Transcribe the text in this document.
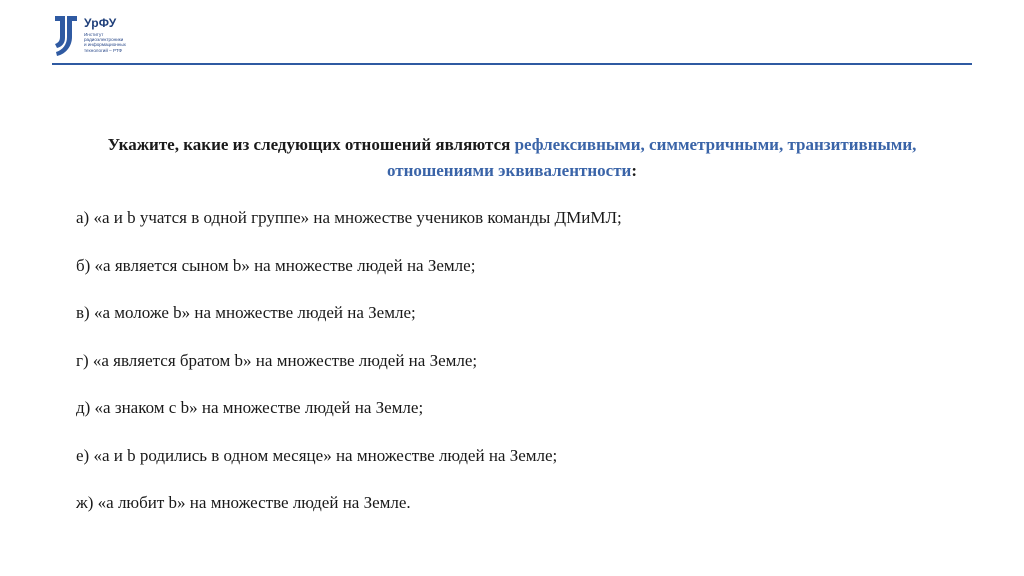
УрФУ
Институт
радиоэлектроники
и информационных
технологий – РТФ
Укажите, какие из следующих отношений являются рефлексивными, симметричными, транзитивными, отношениями эквивалентности:
а) «a и b учатся в одной группе» на множестве учеников команды ДМиМЛ;
б) «a является сыном b» на множестве людей на Земле;
в) «a моложе b» на множестве людей на Земле;
г) «a является братом b» на множестве людей на Земле;
д) «a знаком с b» на множестве людей на Земле;
е) «a и b родились в одном месяце» на множестве людей на Земле;
ж) «a любит b» на множестве людей на Земле.
